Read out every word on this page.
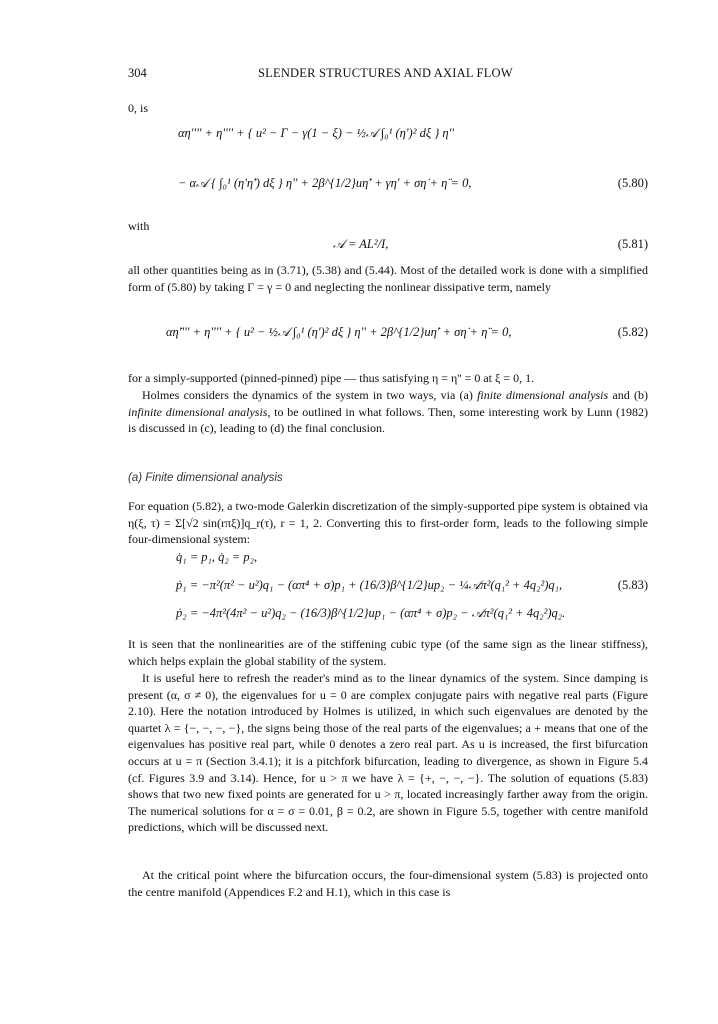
304	SLENDER STRUCTURES AND AXIAL FLOW

0, is

αη'''' + η'''' + { u² − Γ − γ(1 − ξ) − ½𝒜 ∫₀¹ (η')² dξ } η''
− α𝒜 { ∫₀¹ (η'η̇') dξ } η'' + 2β^{1/2}uη̇' + γη' + ση̇ + η̈ = 0,	(5.80)

with

𝒜 = AL²/I,	(5.81)

all other quantities being as in (3.71), (5.38) and (5.44). Most of the detailed work is done with a simplified form of (5.80) by taking Γ = γ = 0 and neglecting the nonlinear dissipative term, namely

αη̇'''' + η'''' + { u² − ½𝒜 ∫₀¹ (η')² dξ } η'' + 2β^{1/2}uη̇' + ση̇ + η̈ = 0,	(5.82)

for a simply-supported (pinned-pinned) pipe — thus satisfying η = η'' = 0 at ξ = 0, 1.

Holmes considers the dynamics of the system in two ways, via (a) finite dimensional analysis and (b) infinite dimensional analysis, to be outlined in what follows. Then, some interesting work by Lunn (1982) is discussed in (c), leading to (d) the final conclusion.

(a) Finite dimensional analysis

For equation (5.82), a two-mode Galerkin discretization of the simply-supported pipe system is obtained via η(ξ, τ) = Σ[√2 sin(rπξ)]q_r(τ), r = 1, 2. Converting this to first-order form, leads to the following simple four-dimensional system:

q̇₁ = p₁, q̇₂ = p₂,
ṗ₁ = −π²(π² − u²)q₁ − (απ⁴ + σ)p₁ + (16/3)β^{1/2}up₂ − ¼𝒜π²(q₁² + 4q₂²)q₁,	(5.83)
ṗ₂ = −4π²(4π² − u²)q₂ − (16/3)β^{1/2}up₁ − (απ⁴ + σ)p₂ − 𝒜π²(q₁² + 4q₂²)q₂.

It is seen that the nonlinearities are of the stiffening cubic type (of the same sign as the linear stiffness), which helps explain the global stability of the system.

It is useful here to refresh the reader's mind as to the linear dynamics of the system. Since damping is present (α, σ ≠ 0), the eigenvalues for u = 0 are complex conjugate pairs with negative real parts (Figure 2.10). Here the notation introduced by Holmes is utilized, in which such eigenvalues are denoted by the quartet λ = {−, −, −, −}, the signs being those of the real parts of the eigenvalues; a + means that one of the eigenvalues has positive real part, while 0 denotes a zero real part. As u is increased, the first bifurcation occurs at u = π (Section 3.4.1); it is a pitchfork bifurcation, leading to divergence, as shown in Figure 5.4 (cf. Figures 3.9 and 3.14). Hence, for u > π we have λ = {+, −, −, −}. The solution of equations (5.83) shows that two new fixed points are generated for u > π, located increasingly farther away from the origin. The numerical solutions for α = σ = 0.01, β = 0.2, are shown in Figure 5.5, together with centre manifold predictions, which will be discussed next.

At the critical point where the bifurcation occurs, the four-dimensional system (5.83) is projected onto the centre manifold (Appendices F.2 and H.1), which in this case is
